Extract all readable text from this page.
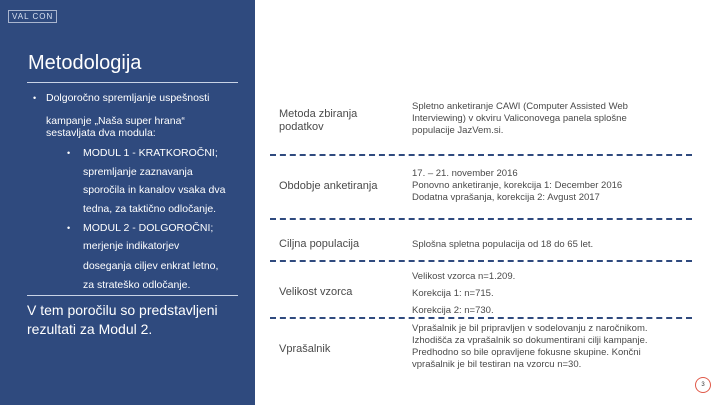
VAL CON
Metodologija
• Dolgoročno spremljanje uspešnosti
kampanje „Naša super hrana“
sestavljata dva modula:
• MODUL 1 - KRATKOROČNI;
spremljanje zaznavanja
sporočila in kanalov vsaka dva
tedna, za taktično odločanje.
• MODUL 2 - DOLGOROČNI;
merjenje indikatorjev
doseganja ciljev enkrat letno,
za strateško odločanje.

V tem poročilu so predstavljeni rezultati za Modul 2.

Metoda zbiranja
podatkov
Spletno anketiranje CAWI (Computer Assisted Web
Interviewing) v okviru Valiconovega panela splošne
populacije JazVem.si.
Obdobje anketiranja
17. – 21. november 2016
Ponovno anketiranje, korekcija 1: December 2016
Dodatna vprašanja, korekcija 2: Avgust 2017
Ciljna populacija	Splošna spletna populacija od 18 do 65 let.
Velikost vzorca
Velikost vzorca n=1.209.
Korekcija 1: n=715.
Korekcija 2: n=730.
Vprašalnik
Vprašalnik je bil pripravljen v sodelovanju z naročnikom.
Izhodišča za vprašalnik so dokumentirani cilji kampanje.
Predhodno so bile opravljene fokusne skupine. Končni
vprašalnik je bil testiran na vzorcu n=30.
3
